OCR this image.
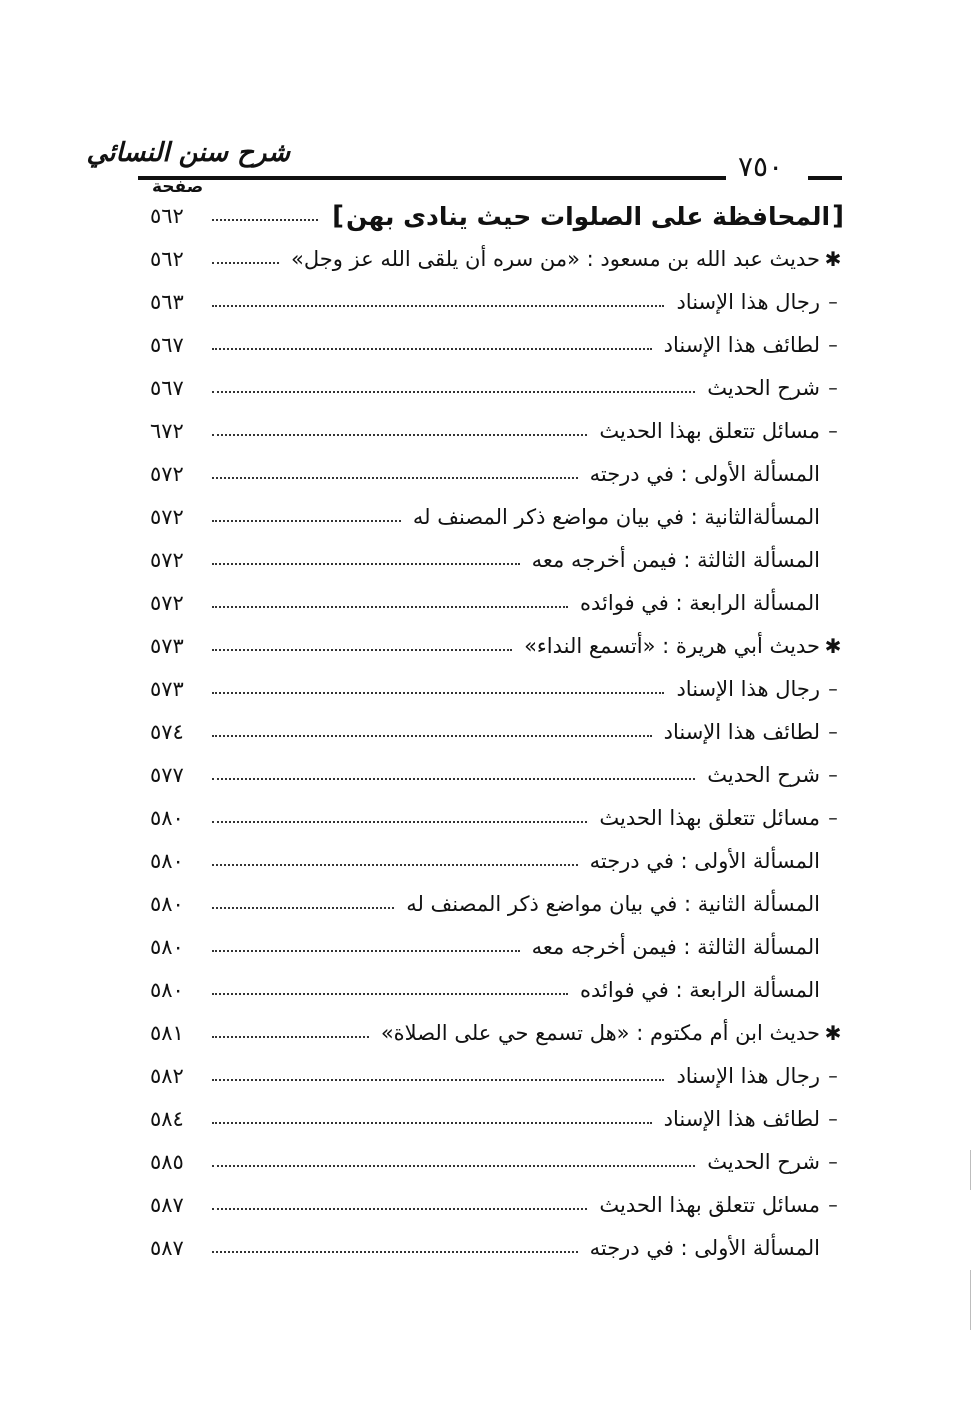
شرح سنن النسائي	٧٥٠
صفحة
[
المحافظة على الصلوات حيث ينادى بهن
]
٥٦٢
✱
حديث عبد الله بن مسعود : «من سره أن يلقى الله عز وجل»
٥٦٢
–
رجال هذا الإسناد
٥٦٣
–
لطائف هذا الإسناد
٥٦٧
–
شرح الحديث
٥٦٧
–
مسائل تتعلق بهذا الحديث
٦٧٢
المسألة الأولى : في درجته
٥٧٢
المسألةالثانية : في بيان مواضع ذكر المصنف له
٥٧٢
المسألة الثالثة : فيمن أخرجه معه
٥٧٢
المسألة الرابعة : في فوائده
٥٧٢
✱
حديث أبي هريرة : «أتسمع النداء»
٥٧٣
–
رجال هذا الإسناد
٥٧٣
–
لطائف هذا الإسناد
٥٧٤
–
شرح الحديث
٥٧٧
–
مسائل تتعلق بهذا الحديث
٥٨٠
المسألة الأولى : في درجته
٥٨٠
المسألة الثانية : في بيان مواضع ذكر المصنف له
٥٨٠
المسألة الثالثة : فيمن أخرجه معه
٥٨٠
المسألة الرابعة : في فوائده
٥٨٠
✱
حديث ابن أم مكتوم : «هل تسمع حي على الصلاة»
٥٨١
–
رجال هذا الإسناد
٥٨٢
–
لطائف هذا الإسناد
٥٨٤
–
شرح الحديث
٥٨٥
–
مسائل تتعلق بهذا الحديث
٥٨٧
المسألة الأولى : في درجته
٥٨٧
